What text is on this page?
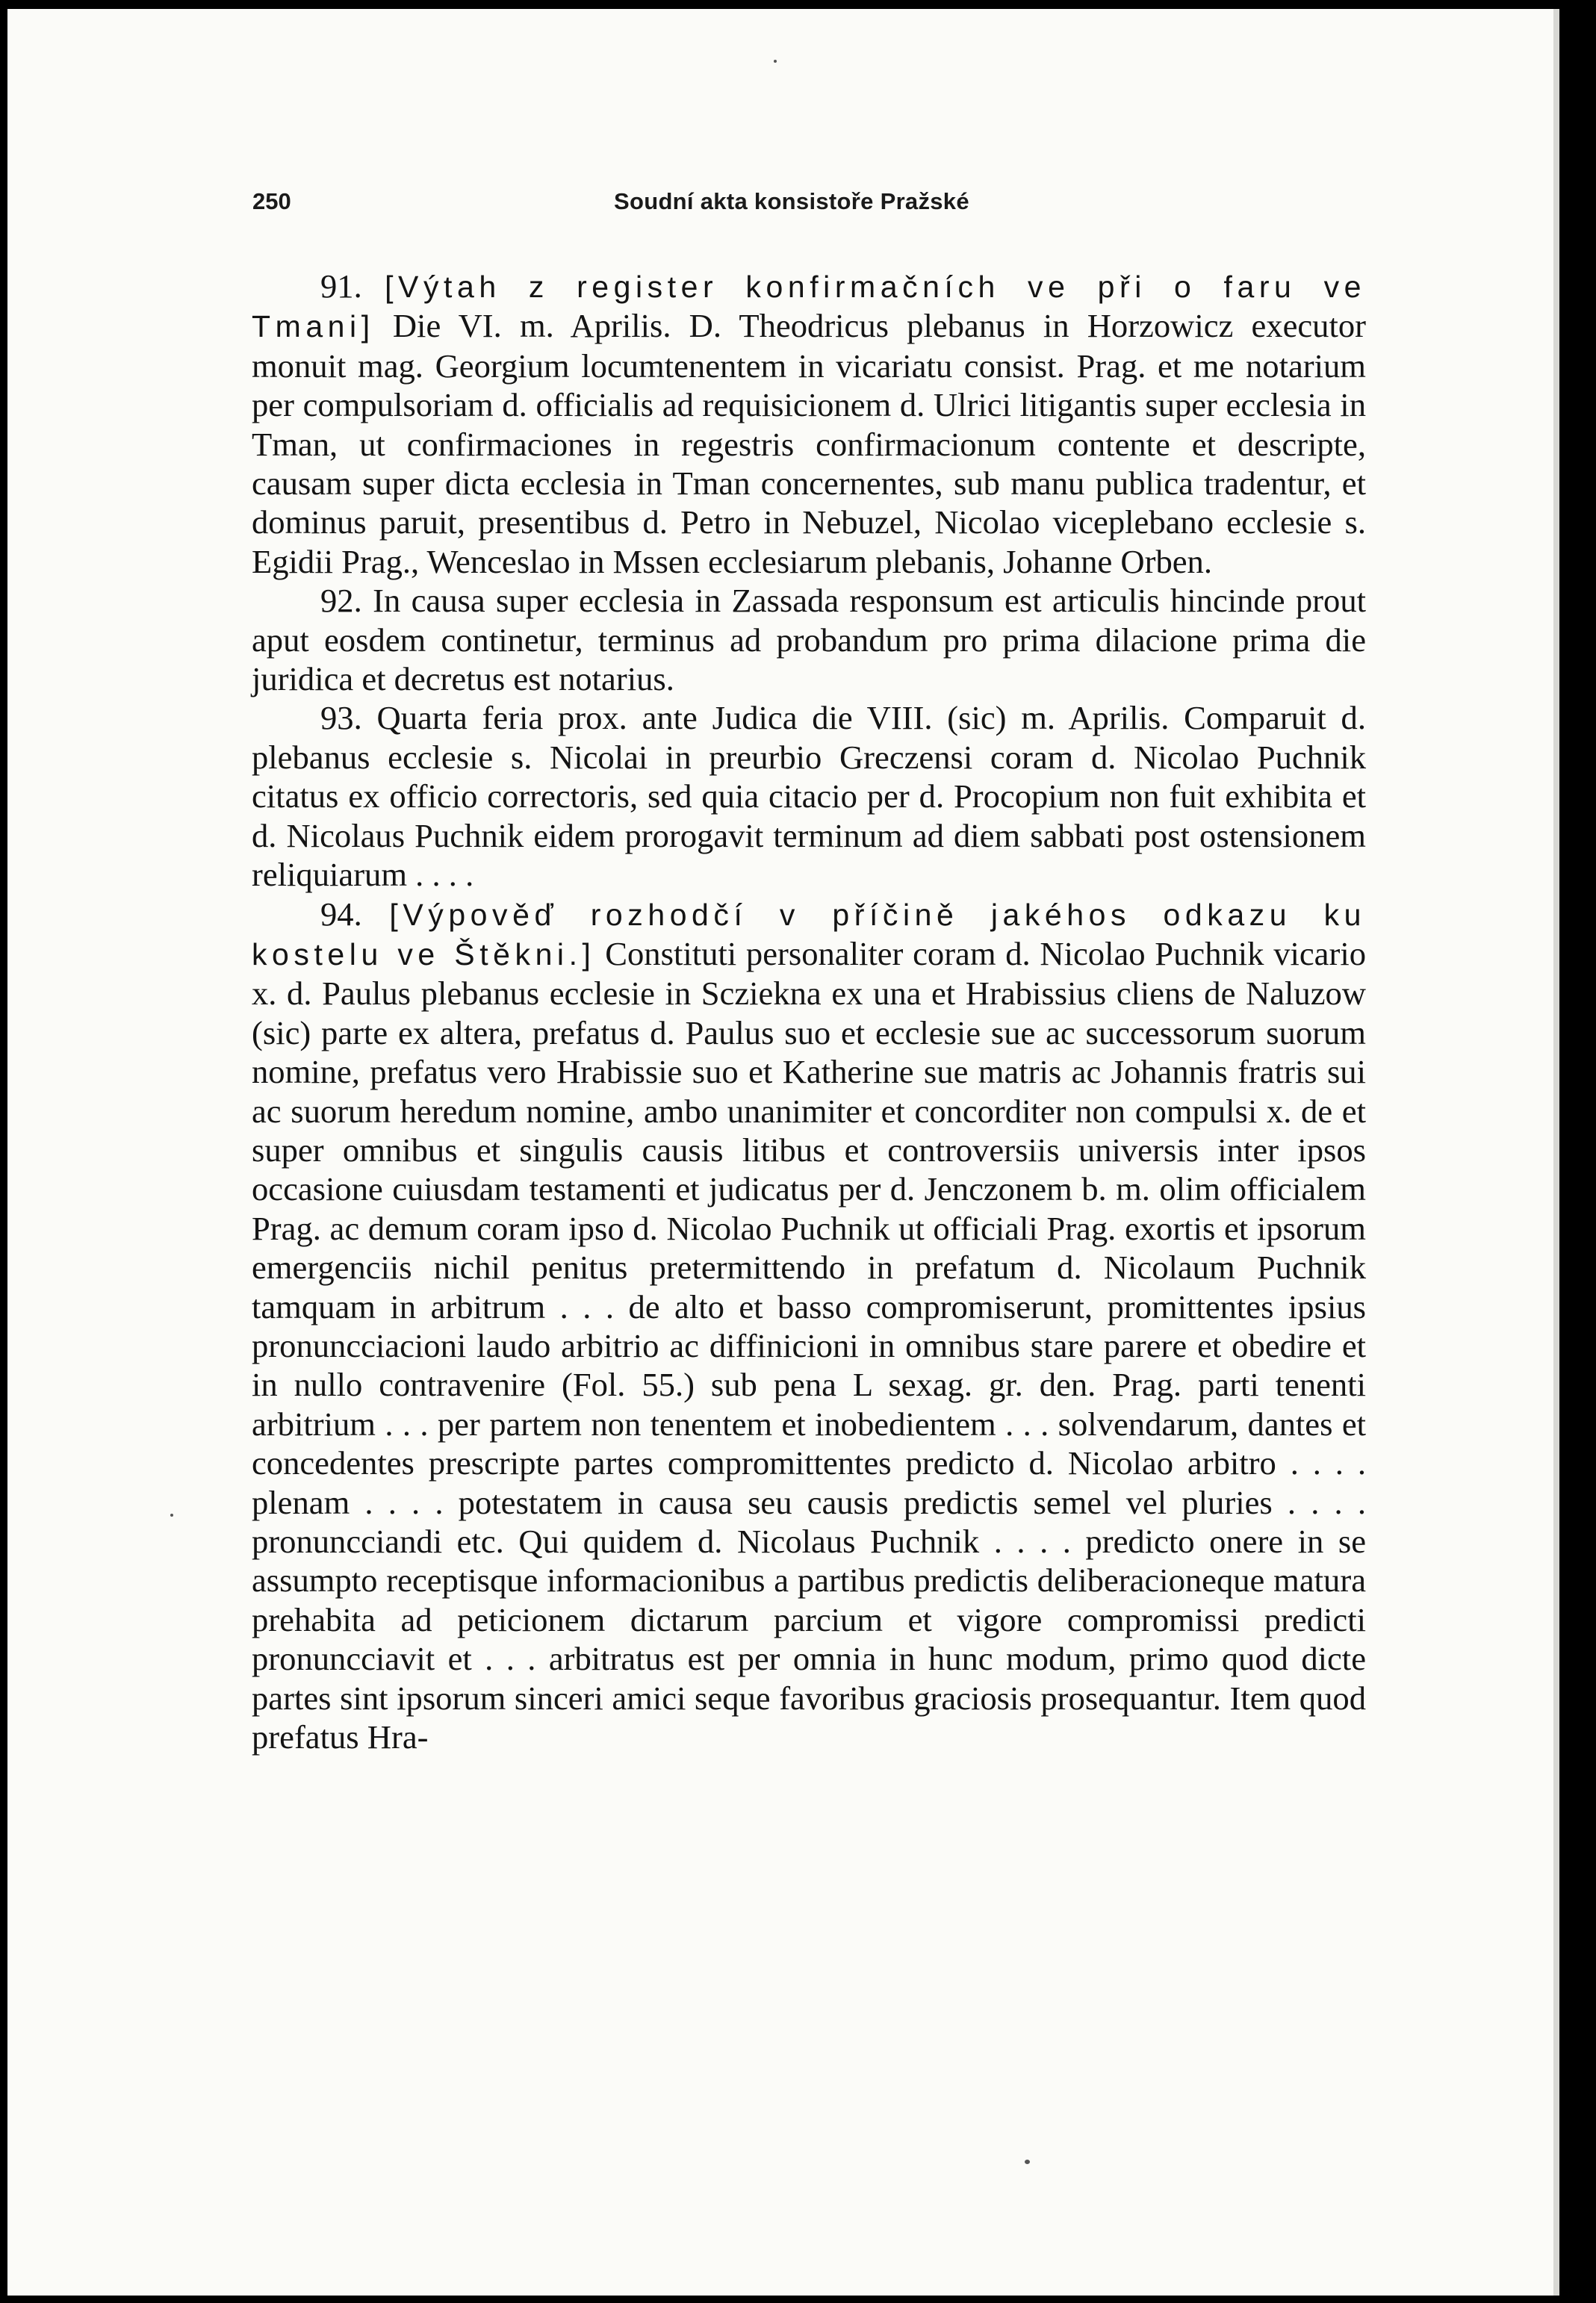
250	Soudní akta konsistoře Pražské

91. [Výtah z register konfirmačních ve při o faru ve Tmani] Die VI. m. Aprilis. D. Theodricus plebanus in Horzowicz executor monuit mag. Georgium locumtenentem in vicariatu consist. Prag. et me notarium per compulsoriam d. officialis ad requisicionem d. Ulrici litigantis super ecclesia in Tman, ut confirmaciones in regestris confirmacionum contente et descripte, causam super dicta ecclesia in Tman concernentes, sub manu publica tradentur, et dominus paruit, presentibus d. Petro in Nebuzel, Nicolao viceplebano ecclesie s. Egidii Prag., Wenceslao in Mssen ecclesiarum plebanis, Johanne Orben.

92. In causa super ecclesia in Zassada responsum est articulis hincinde prout aput eosdem continetur, terminus ad probandum pro prima dilacione prima die juridica et decretus est notarius.

93. Quarta feria prox. ante Judica die VIII. (sic) m. Aprilis. Comparuit d. plebanus ecclesie s. Nicolai in preurbio Greczensi coram d. Nicolao Puchnik citatus ex officio correctoris, sed quia citacio per d. Procopium non fuit exhibita et d. Nicolaus Puchnik eidem prorogavit terminum ad diem sabbati post ostensionem reliquiarum . . . .

94. [Výpověď rozhodčí v příčině jakéhos odkazu ku kostelu ve Štěkni.] Constituti personaliter coram d. Nicolao Puchnik vicario x. d. Paulus plebanus ecclesie in Scziekna ex una et Hrabissius cliens de Naluzow (sic) parte ex altera, prefatus d. Paulus suo et ecclesie sue ac successorum suorum nomine, prefatus vero Hrabissie suo et Katherine sue matris ac Johannis fratris sui ac suorum heredum nomine, ambo unanimiter et concorditer non compulsi x. de et super omnibus et singulis causis litibus et controversiis universis inter ipsos occasione cuiusdam testamenti et judicatus per d. Jenczonem b. m. olim officialem Prag. ac demum coram ipso d. Nicolao Puchnik ut officiali Prag. exortis et ipsorum emergenciis nichil penitus pretermittendo in prefatum d. Nicolaum Puchnik tamquam in arbitrum . . . de alto et basso compromiserunt, promittentes ipsius pronuncciacioni laudo arbitrio ac diffinicioni in omnibus stare parere et obedire et in nullo contravenire (Fol. 55.) sub pena L sexag. gr. den. Prag. parti tenenti arbitrium . . . per partem non tenentem et inobedientem . . . solvendarum, dantes et concedentes prescripte partes compromittentes predicto d. Nicolao arbitro . . . . plenam . . . . potestatem in causa seu causis predictis semel vel pluries . . . . pronuncciandi etc. Qui quidem d. Nicolaus Puchnik . . . . predicto onere in se assumpto receptisque informacionibus a partibus predictis deliberacioneque matura prehabita ad peticionem dictarum parcium et vigore compromissi predicti pronuncciavit et . . . arbitratus est per omnia in hunc modum, primo quod dicte partes sint ipsorum sinceri amici seque favoribus graciosis prosequantur. Item quod prefatus Hra-
